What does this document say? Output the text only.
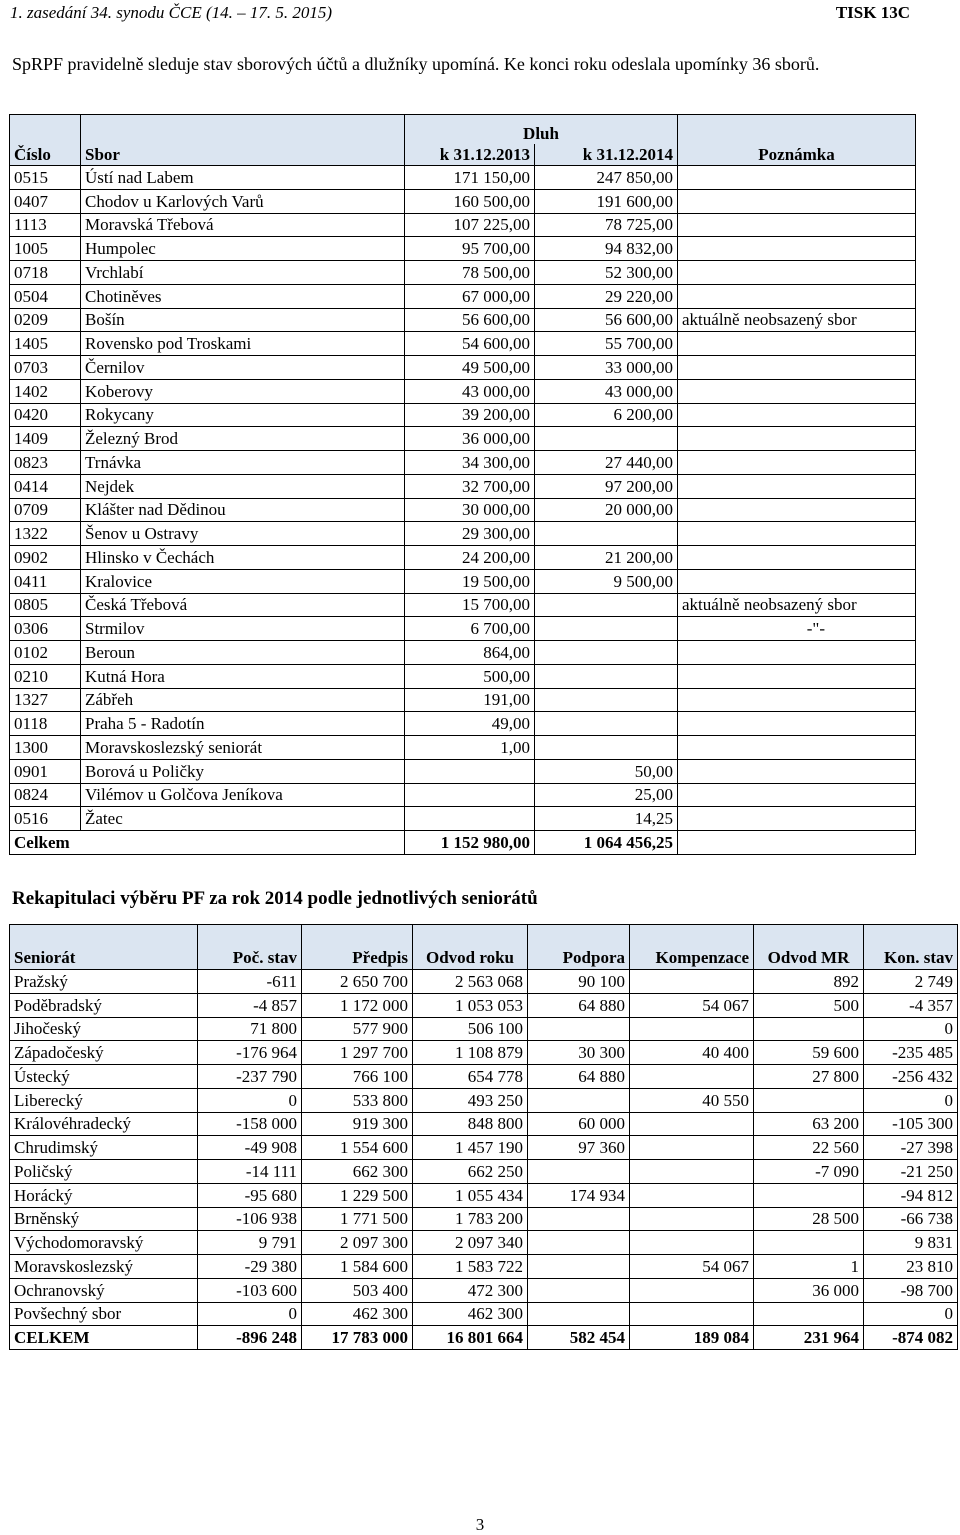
1. zasedání 34. synodu ČCE (14. – 17. 5. 2015)	TISK 13C
SpRPF pravidelně sleduje stav sborových účtů a dlužníky upomíná. Ke konci roku odeslala upomínky 36 sborů.
		Dluh		
Číslo	Sbor	k 31.12.2013	k 31.12.2014	Poznámka
0515	Ústí nad Labem	171 150,00	247 850,00	
0407	Chodov u Karlových Varů	160 500,00	191 600,00	
1113	Moravská Třebová	107 225,00	78 725,00	
1005	Humpolec	95 700,00	94 832,00	
0718	Vrchlabí	78 500,00	52 300,00	
0504	Chotiněves	67 000,00	29 220,00	
0209	Bošín	56 600,00	56 600,00	aktuálně neobsazený sbor
1405	Rovensko pod Troskami	54 600,00	55 700,00	
0703	Černilov	49 500,00	33 000,00	
1402	Koberovy	43 000,00	43 000,00	
0420	Rokycany	39 200,00	6 200,00	
1409	Železný Brod	36 000,00		
0823	Trnávka	34 300,00	27 440,00	
0414	Nejdek	32 700,00	97 200,00	
0709	Klášter nad Dědinou	30 000,00	20 000,00	
1322	Šenov u Ostravy	29 300,00		
0902	Hlinsko v Čechách	24 200,00	21 200,00	
0411	Kralovice	19 500,00	9 500,00	
0805	Česká Třebová	15 700,00		aktuálně neobsazený sbor
0306	Strmilov	6 700,00		-"-
0102	Beroun	864,00		
0210	Kutná Hora	500,00		
1327	Zábřeh	191,00		
0118	Praha 5 - Radotín	49,00		
1300	Moravskoslezský seniorát	1,00		
0901	Borová u Poličky		50,00	
0824	Vilémov u Golčova Jeníkova		25,00	
0516	Žatec		14,25	
Celkem		1 152 980,00	1 064 456,25	
Rekapitulaci výběru PF za rok 2014 podle jednotlivých seniorátů
Seniorát	Poč. stav	Předpis	Odvod roku	Podpora	Kompenzace	Odvod MR	Kon. stav
Pražský	-611	2 650 700	2 563 068	90 100		892	2 749
Poděbradský	-4 857	1 172 000	1 053 053	64 880	54 067	500	-4 357
Jihočeský	71 800	577 900	506 100				0
Západočeský	-176 964	1 297 700	1 108 879	30 300	40 400	59 600	-235 485
Ústecký	-237 790	766 100	654 778	64 880		27 800	-256 432
Liberecký	0	533 800	493 250		40 550		0
Královéhradecký	-158 000	919 300	848 800	60 000		63 200	-105 300
Chrudimský	-49 908	1 554 600	1 457 190	97 360		22 560	-27 398
Poličský	-14 111	662 300	662 250			-7 090	-21 250
Horácký	-95 680	1 229 500	1 055 434	174 934			-94 812
Brněnský	-106 938	1 771 500	1 783 200			28 500	-66 738
Východomoravský	9 791	2 097 300	2 097 340				9 831
Moravskoslezský	-29 380	1 584 600	1 583 722		54 067	1	23 810
Ochranovský	-103 600	503 400	472 300			36 000	-98 700
Povšechný sbor	0	462 300	462 300				0
CELKEM	-896 248	17 783 000	16 801 664	582 454	189 084	231 964	-874 082
3
